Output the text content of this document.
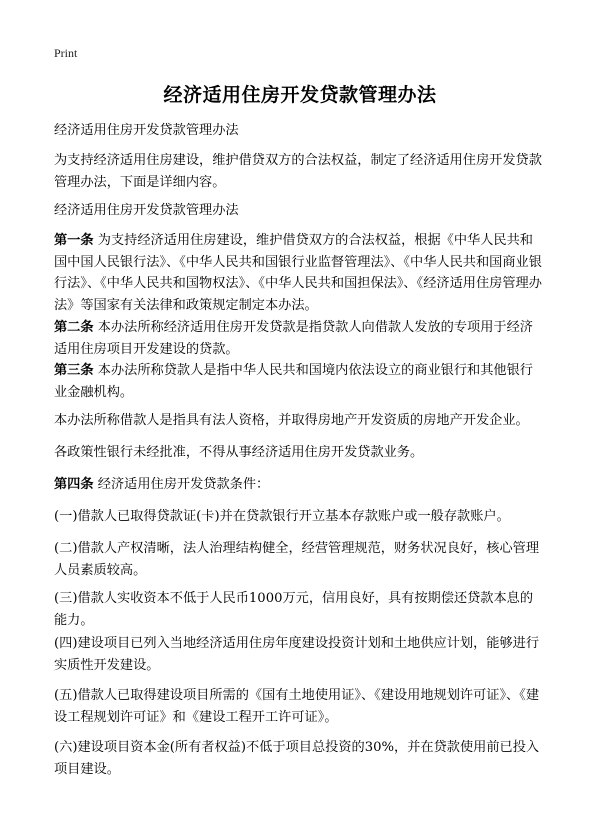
Print
经济适用住房开发贷款管理办法

经济适用住房开发贷款管理办法

为支持经济适用住房建设，维护借贷双方的合法权益，制定了经济适用住房开发贷款管理办法，下面是详细内容。

经济适用住房开发贷款管理办法

第一条 为支持经济适用住房建设，维护借贷双方的合法权益，根据《中华人民共和国中国人民银行法》、《中华人民共和国银行业监督管理法》、《中华人民共和国商业银行法》、《中华人民共和国物权法》、《中华人民共和国担保法》、《经济适用住房管理办法》等国家有关法律和政策规定制定本办法。

第二条 本办法所称经济适用住房开发贷款是指贷款人向借款人发放的专项用于经济适用住房项目开发建设的贷款。

第三条 本办法所称贷款人是指中华人民共和国境内依法设立的商业银行和其他银行业金融机构。

本办法所称借款人是指具有法人资格，并取得房地产开发资质的房地产开发企业。

各政策性银行未经批准，不得从事经济适用住房开发贷款业务。

第四条 经济适用住房开发贷款条件：

(一)借款人已取得贷款证(卡)并在贷款银行开立基本存款账户或一般存款账户。

(二)借款人产权清晰，法人治理结构健全，经营管理规范，财务状况良好，核心管理人员素质较高。

(三)借款人实收资本不低于人民币1000万元，信用良好，具有按期偿还贷款本息的能力。

(四)建设项目已列入当地经济适用住房年度建设投资计划和土地供应计划，能够进行实质性开发建设。

(五)借款人已取得建设项目所需的《国有土地使用证》、《建设用地规划许可证》、《建设工程规划许可证》和《建设工程开工许可证》。

(六)建设项目资本金(所有者权益)不低于项目总投资的30%，并在贷款使用前已投入项目建设。
